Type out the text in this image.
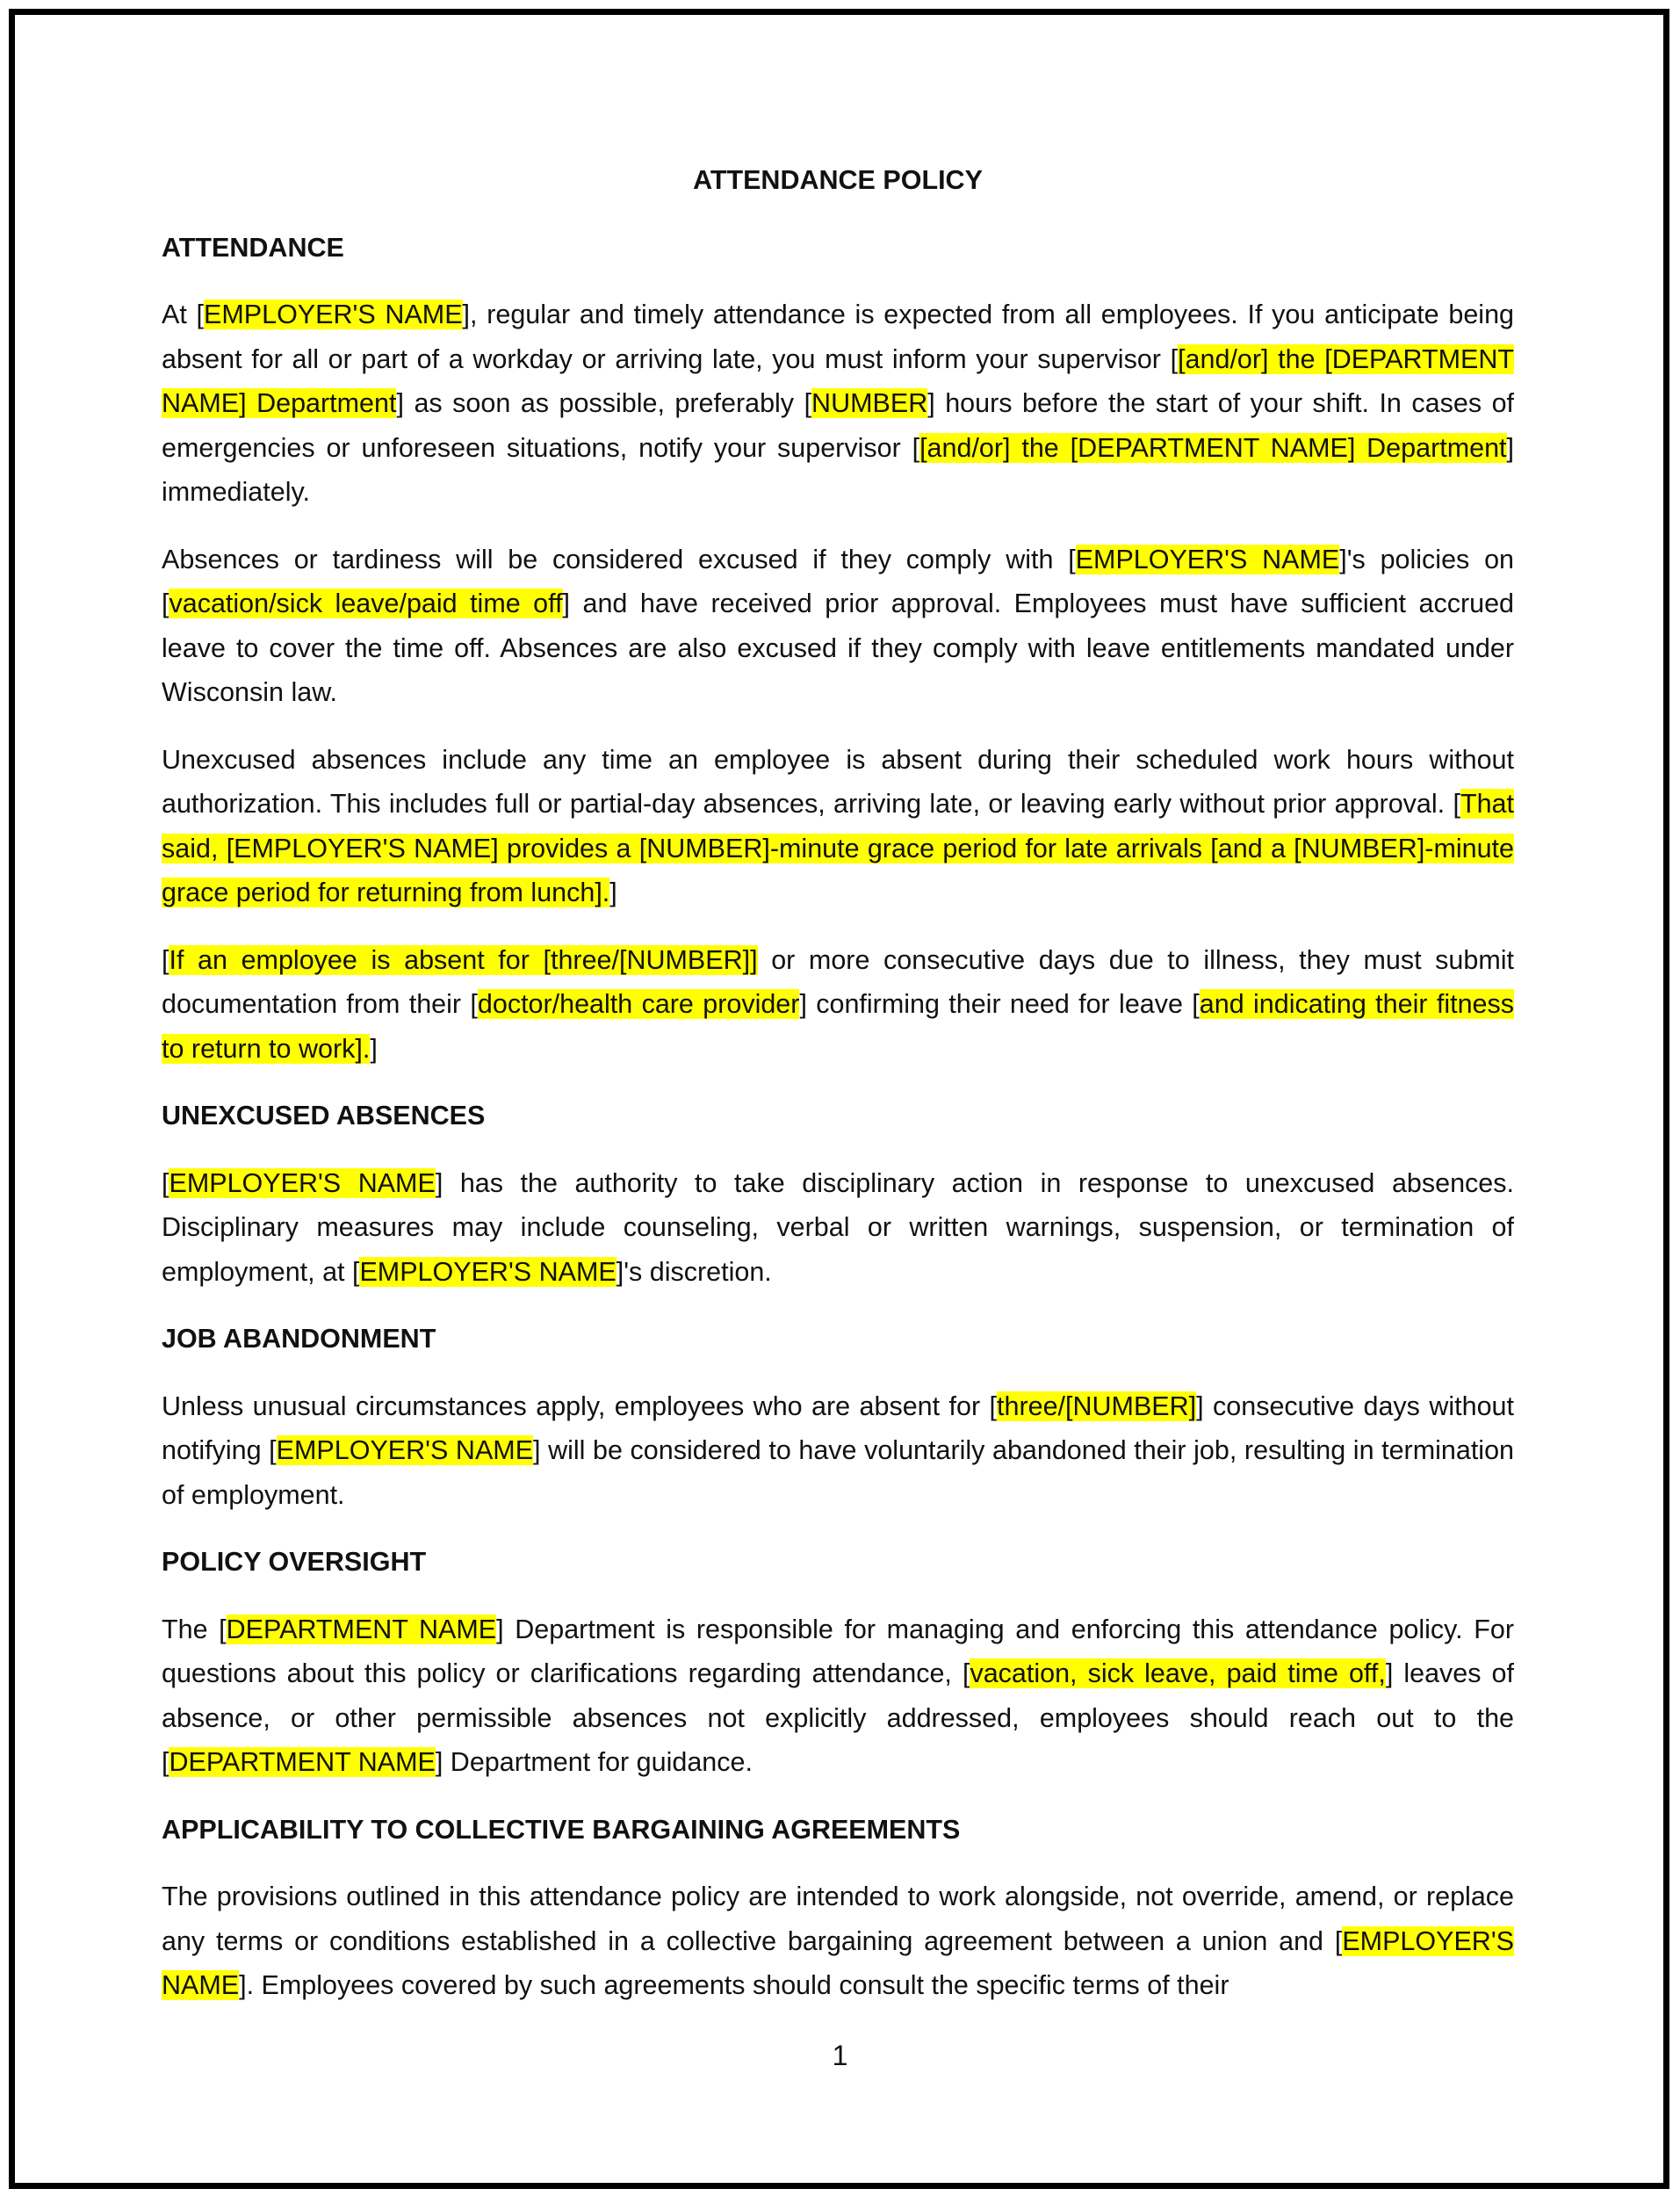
ATTENDANCE POLICY
ATTENDANCE

At [EMPLOYER'S NAME], regular and timely attendance is expected from all employees. If you anticipate being absent for all or part of a workday or arriving late, you must inform your supervisor [[and/or] the [DEPARTMENT NAME] Department] as soon as possible, preferably [NUMBER] hours before the start of your shift. In cases of emergencies or unforeseen situations, notify your supervisor [[and/or] the [DEPARTMENT NAME] Department] immediately.

Absences or tardiness will be considered excused if they comply with [EMPLOYER'S NAME]'s policies on [vacation/sick leave/paid time off] and have received prior approval. Employees must have sufficient accrued leave to cover the time off. Absences are also excused if they comply with leave entitlements mandated under Wisconsin law.

Unexcused absences include any time an employee is absent during their scheduled work hours without authorization. This includes full or partial-day absences, arriving late, or leaving early without prior approval. [That said, [EMPLOYER'S NAME] provides a [NUMBER]-minute grace period for late arrivals [and a [NUMBER]-minute grace period for returning from lunch].]

[If an employee is absent for [three/[NUMBER]] or more consecutive days due to illness, they must submit documentation from their [doctor/health care provider] confirming their need for leave [and indicating their fitness to return to work].]

UNEXCUSED ABSENCES

[EMPLOYER'S NAME] has the authority to take disciplinary action in response to unexcused absences. Disciplinary measures may include counseling, verbal or written warnings, suspension, or termination of employment, at [EMPLOYER'S NAME]'s discretion.

JOB ABANDONMENT

Unless unusual circumstances apply, employees who are absent for [three/[NUMBER]] consecutive days without notifying [EMPLOYER'S NAME] will be considered to have voluntarily abandoned their job, resulting in termination of employment.

POLICY OVERSIGHT

The [DEPARTMENT NAME] Department is responsible for managing and enforcing this attendance policy. For questions about this policy or clarifications regarding attendance, [vacation, sick leave, paid time off,] leaves of absence, or other permissible absences not explicitly addressed, employees should reach out to the [DEPARTMENT NAME] Department for guidance.

APPLICABILITY TO COLLECTIVE BARGAINING AGREEMENTS

The provisions outlined in this attendance policy are intended to work alongside, not override, amend, or replace any terms or conditions established in a collective bargaining agreement between a union and [EMPLOYER'S NAME]. Employees covered by such agreements should consult the specific terms of their

1
